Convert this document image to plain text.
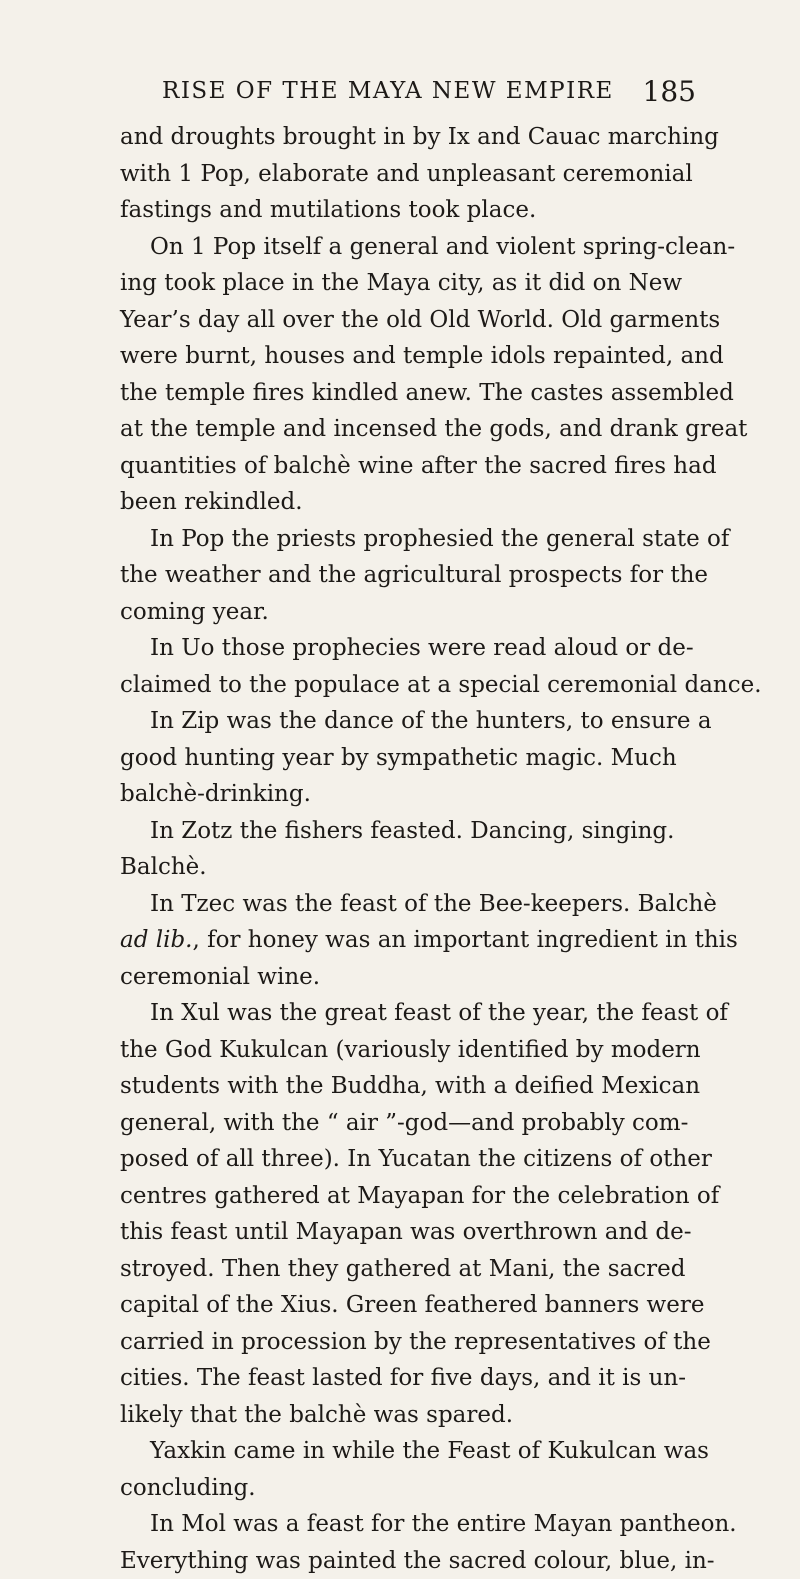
RISE OF THE MAYA NEW EMPIRE 185
and droughts brought in by Ix and Cauac marching
with 1 Pop, elaborate and unpleasant ceremonial
fastings and mutilations took place.
On 1 Pop itself a general and violent spring-clean-
ing took place in the Maya city, as it did on New
Year’s day all over the old Old World. Old garments
were burnt, houses and temple idols repainted, and
the temple fires kindled anew. The castes assembled
at the temple and incensed the gods, and drank great
quantities of balchè wine after the sacred fires had
been rekindled.
In Pop the priests prophesied the general state of
the weather and the agricultural prospects for the
coming year.
In Uo those prophecies were read aloud or de-
claimed to the populace at a special ceremonial dance.
In Zip was the dance of the hunters, to ensure a
good hunting year by sympathetic magic. Much
balchè-drinking.
In Zotz the fishers feasted. Dancing, singing.
Balchè.
In Tzec was the feast of the Bee-keepers. Balchè
ad lib., for honey was an important ingredient in this
ceremonial wine.
In Xul was the great feast of the year, the feast of
the God Kukulcan (variously identified by modern
students with the Buddha, with a deified Mexican
general, with the “ air ”-god—and probably com-
posed of all three). In Yucatan the citizens of other
centres gathered at Mayapan for the celebration of
this feast until Mayapan was overthrown and de-
stroyed. Then they gathered at Mani, the sacred
capital of the Xius. Green feathered banners were
carried in procession by the representatives of the
cities. The feast lasted for five days, and it is un-
likely that the balchè was spared.
Yaxkin came in while the Feast of Kukulcan was
concluding.
In Mol was a feast for the entire Mayan pantheon.
Everything was painted the sacred colour, blue, in-
